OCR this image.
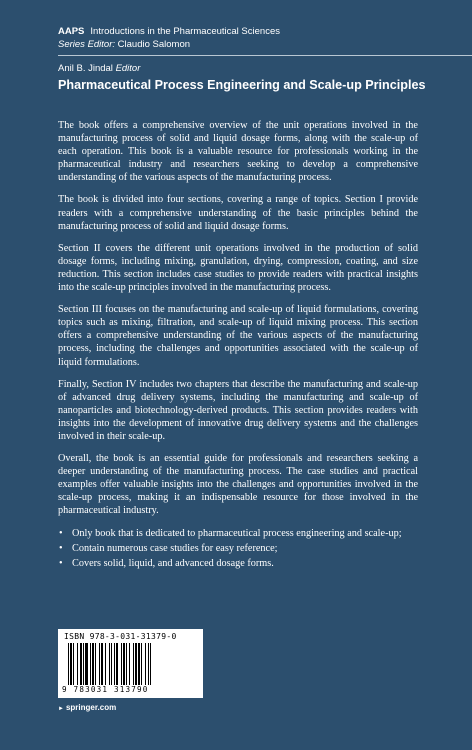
AAPS Introductions in the Pharmaceutical Sciences
Series Editor: Claudio Salomon
Anil B. Jindal Editor
Pharmaceutical Process Engineering and Scale-up Principles

The book offers a comprehensive overview of the unit operations involved in the manufacturing process of solid and liquid dosage forms, along with the scale-up of each operation. This book is a valuable resource for professionals working in the pharmaceutical industry and researchers seeking to develop a comprehensive understanding of the various aspects of the manufacturing process.

The book is divided into four sections, covering a range of topics. Section I provide readers with a comprehensive understanding of the basic principles behind the manufacturing process of solid and liquid dosage forms.

Section II covers the different unit operations involved in the production of solid dosage forms, including mixing, granulation, drying, compression, coating, and size reduction. This section includes case studies to provide readers with practical insights into the scale-up principles involved in the manufacturing process.

Section III focuses on the manufacturing and scale-up of liquid formulations, covering topics such as mixing, filtration, and scale-up of liquid mixing process. This section offers a comprehensive understanding of the various aspects of the manufacturing process, including the challenges and opportunities associated with the scale-up of liquid formulations.

Finally, Section IV includes two chapters that describe the manufacturing and scale-up of advanced drug delivery systems, including the manufacturing and scale-up of nanoparticles and biotechnology-derived products. This section provides readers with insights into the development of innovative drug delivery systems and the challenges involved in their scale-up.

Overall, the book is an essential guide for professionals and researchers seeking a deeper understanding of the manufacturing process. The case studies and practical examples offer valuable insights into the challenges and opportunities involved in the scale-up process, making it an indispensable resource for those involved in the pharmaceutical industry.

• Only book that is dedicated to pharmaceutical process engineering and scale-up;
• Contain numerous case studies for easy reference;
• Covers solid, liquid, and advanced dosage forms.
ISBN 978-3-031-31379-0
9 783031 313790
► springer.com
